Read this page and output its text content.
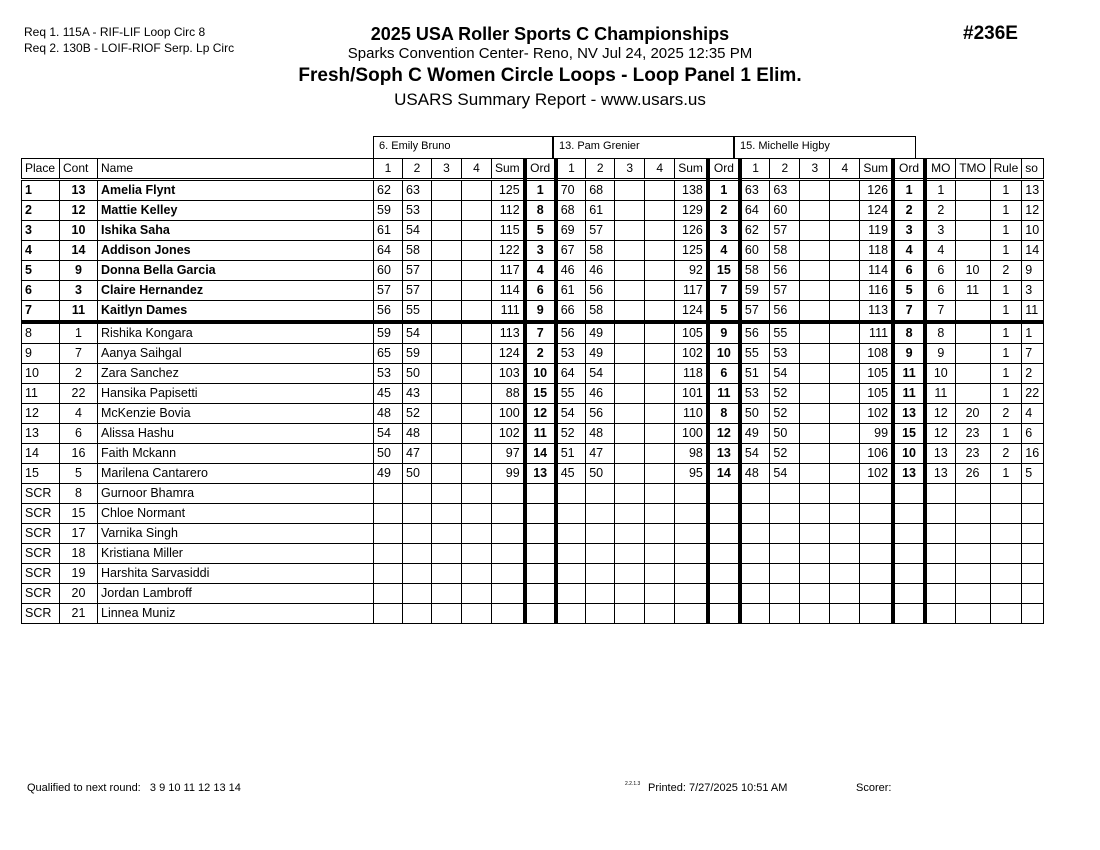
Req 1. 115A - RIF-LIF Loop Circ 8
Req 2. 130B - LOIF-RIOF Serp. Lp Circ
2025 USA Roller Sports C Championships
Sparks Convention Center- Reno, NV Jul 24, 2025 12:35 PM
Fresh/Soph C Women Circle Loops - Loop Panel 1 Elim.
USARS Summary Report - www.usars.us
#236E
6. Emily Bruno	13. Pam Grenier	15. Michelle Higby
Place	Cont	Name	1	2	3	4	Sum	Ord	1	2	3	4	Sum	Ord	1	2	3	4	Sum	Ord	MO	TMO	Rule	so
1	13	Amelia Flynt	62	63			125	1	70	68			138	1	63	63			126	1	1		1	13
2	12	Mattie Kelley	59	53			112	8	68	61			129	2	64	60			124	2	2		1	12
3	10	Ishika Saha	61	54			115	5	69	57			126	3	62	57			119	3	3		1	10
4	14	Addison Jones	64	58			122	3	67	58			125	4	60	58			118	4	4		1	14
5	9	Donna Bella Garcia	60	57			117	4	46	46			92	15	58	56			114	6	6	10	2	9
6	3	Claire Hernandez	57	57			114	6	61	56			117	7	59	57			116	5	6	11	1	3
7	11	Kaitlyn Dames	56	55			111	9	66	58			124	5	57	56			113	7	7		1	11
8	1	Rishika Kongara	59	54			113	7	56	49			105	9	56	55			111	8	8		1	1
9	7	Aanya Saihgal	65	59			124	2	53	49			102	10	55	53			108	9	9		1	7
10	2	Zara Sanchez	53	50			103	10	64	54			118	6	51	54			105	11	10		1	2
11	22	Hansika Papisetti	45	43			88	15	55	46			101	11	53	52			105	11	11		1	22
12	4	McKenzie Bovia	48	52			100	12	54	56			110	8	50	52			102	13	12	20	2	4
13	6	Alissa Hashu	54	48			102	11	52	48			100	12	49	50			99	15	12	23	1	6
14	16	Faith Mckann	50	47			97	14	51	47			98	13	54	52			106	10	13	23	2	16
15	5	Marilena Cantarero	49	50			99	13	45	50			95	14	48	54			102	13	13	26	1	5
SCR	8	Gurnoor Bhamra																						
SCR	15	Chloe Normant																						
SCR	17	Varnika Singh																						
SCR	18	Kristiana Miller																						
SCR	19	Harshita Sarvasiddi																						
SCR	20	Jordan Lambroff																						
SCR	21	Linnea Muniz																						
Qualified to next round: 3 9 10 11 12 13 14	2.2.1.3 Printed: 7/27/2025 10:51 AM	Scorer:
